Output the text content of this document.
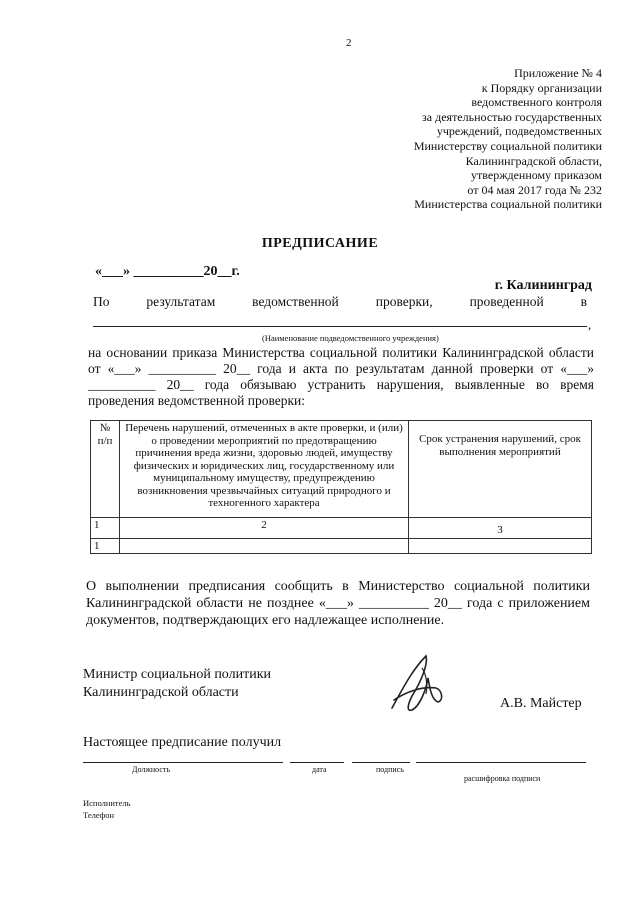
2
Приложение № 4
к Порядку организации
ведомственного контроля
за деятельностью государственных
учреждений, подведомственных
Министерству социальной политики
Калининградской области,
утвержденному приказом
от 04 мая 2017 года № 232
Министерства социальной политики
ПРЕДПИСАНИЕ
«___» __________20__г.
г. Калининград
По результатам ведомственной проверки, проведенной в
,
(Наименование подведомственного учреждения)
на основании приказа Министерства социальной политики Калининградской области от «___» __________ 20__ года и акта по результатам данной проверки от «___» __________ 20__ года обязываю устранить нарушения, выявленные во время проведения ведомственной проверки:
№ п/п	Перечень нарушений, отмеченных в акте проверки, и (или) о проведении мероприятий по предотвращению причинения вреда жизни, здоровью людей, имуществу физических и юридических лиц, государственному или муниципальному имуществу, предупреждению возникновения чрезвычайных ситуаций природного и техногенного характера	Срок устранения нарушений, срок выполнения мероприятий
1	2	3
1		
О выполнении предписания сообщить в Министерство социальной политики Калининградской области не позднее «___» __________ 20__ года с приложением документов, подтверждающих его надлежащее исполнение.
Министр социальной политики
Калининградской области
А.В. Майстер
Настоящее предписание получил
Должность	дата	подпись
расшифровка подписи
Исполнитель
Телефон
